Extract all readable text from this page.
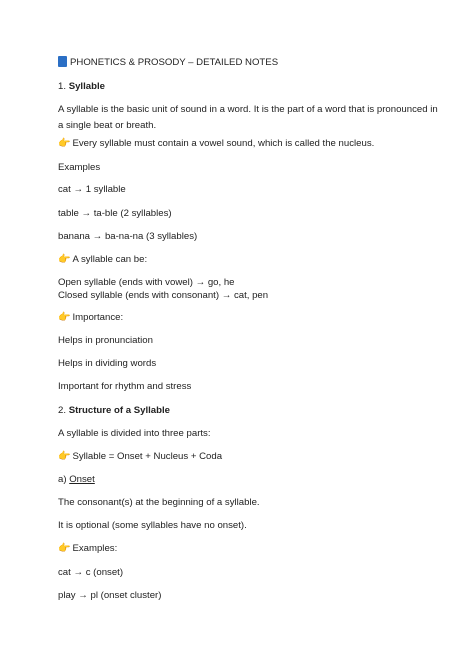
PHONETICS & PROSODY – DETAILED NOTES
1. Syllable
A syllable is the basic unit of sound in a word. It is the part of a word that is pronounced in a single beat or breath.
👉 Every syllable must contain a vowel sound, which is called the nucleus.
Examples
cat → 1 syllable
table → ta-ble (2 syllables)
banana → ba-na-na (3 syllables)
👉 A syllable can be:
Open syllable (ends with vowel) → go, he
Closed syllable (ends with consonant) → cat, pen
👉 Importance:
Helps in pronunciation
Helps in dividing words
Important for rhythm and stress
2. Structure of a Syllable
A syllable is divided into three parts:
👉 Syllable = Onset + Nucleus + Coda
a) Onset
The consonant(s) at the beginning of a syllable.
It is optional (some syllables have no onset).
👉 Examples:
cat → c (onset)
play → pl (onset cluster)
